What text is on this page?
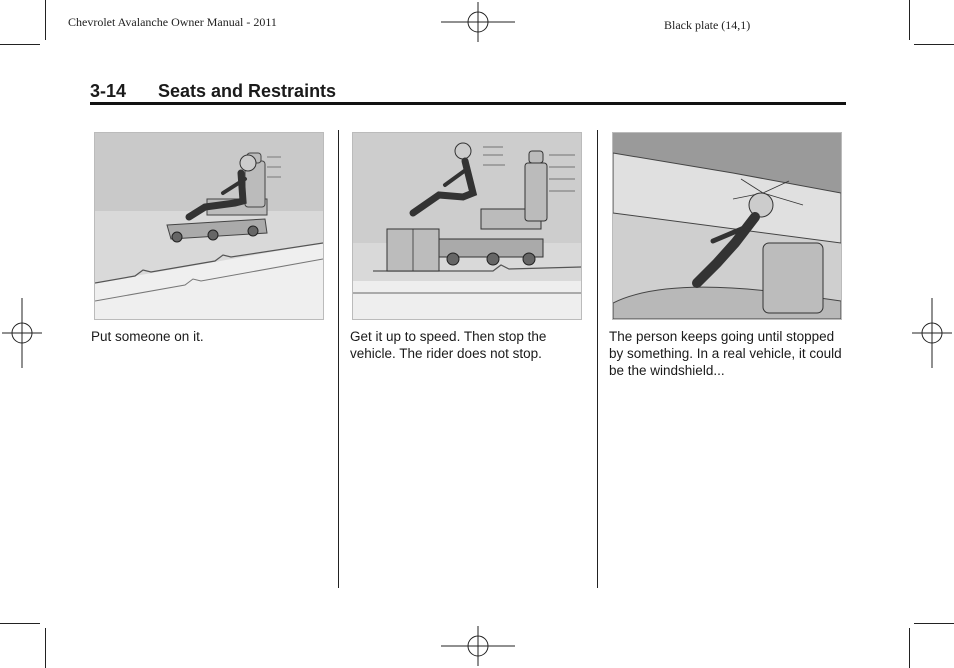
Chevrolet Avalanche Owner Manual - 2011	Black plate (14,1)
3-14 Seats and Restraints
Put someone on it.	Get it up to speed. Then stop the vehicle. The rider does not stop.
The person keeps going until stopped by something. In a real vehicle, it could be the windshield...
